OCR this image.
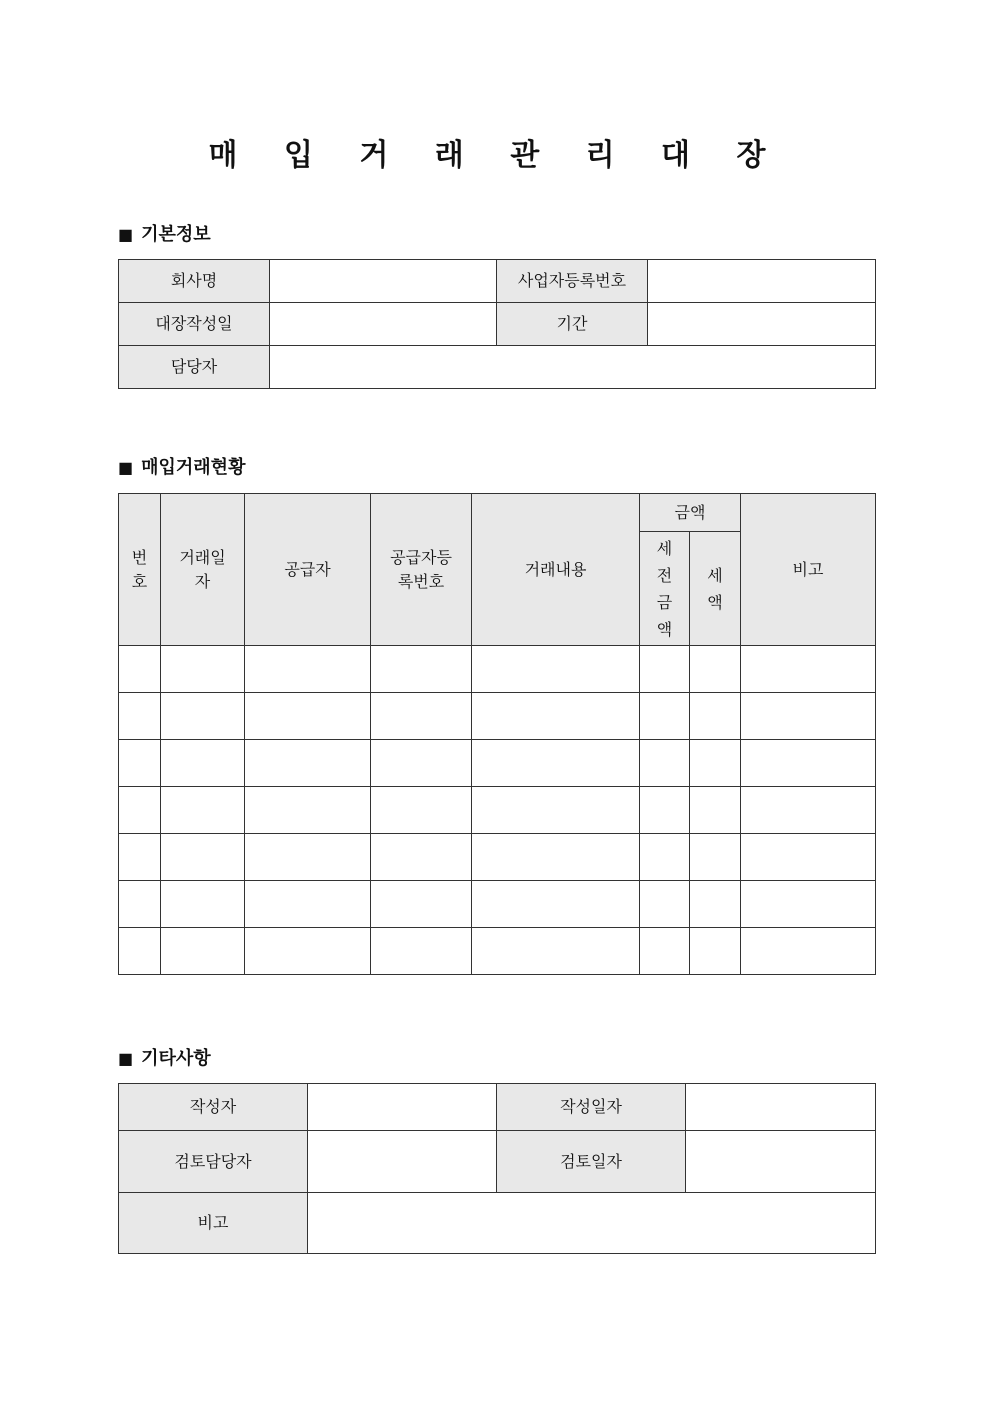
매 입 거 래 관 리 대 장
■ 기본정보
회사명		사업자등록번호	
대장작성일		기간	
담당자			
■ 매입거래현황
번호	거래일자	공급자	공급자등록번호	거래내용	금액		비고
					세전금액	세액	

■ 기타사항
작성자		작성일자	
검토담당자		검토일자	
비고			
